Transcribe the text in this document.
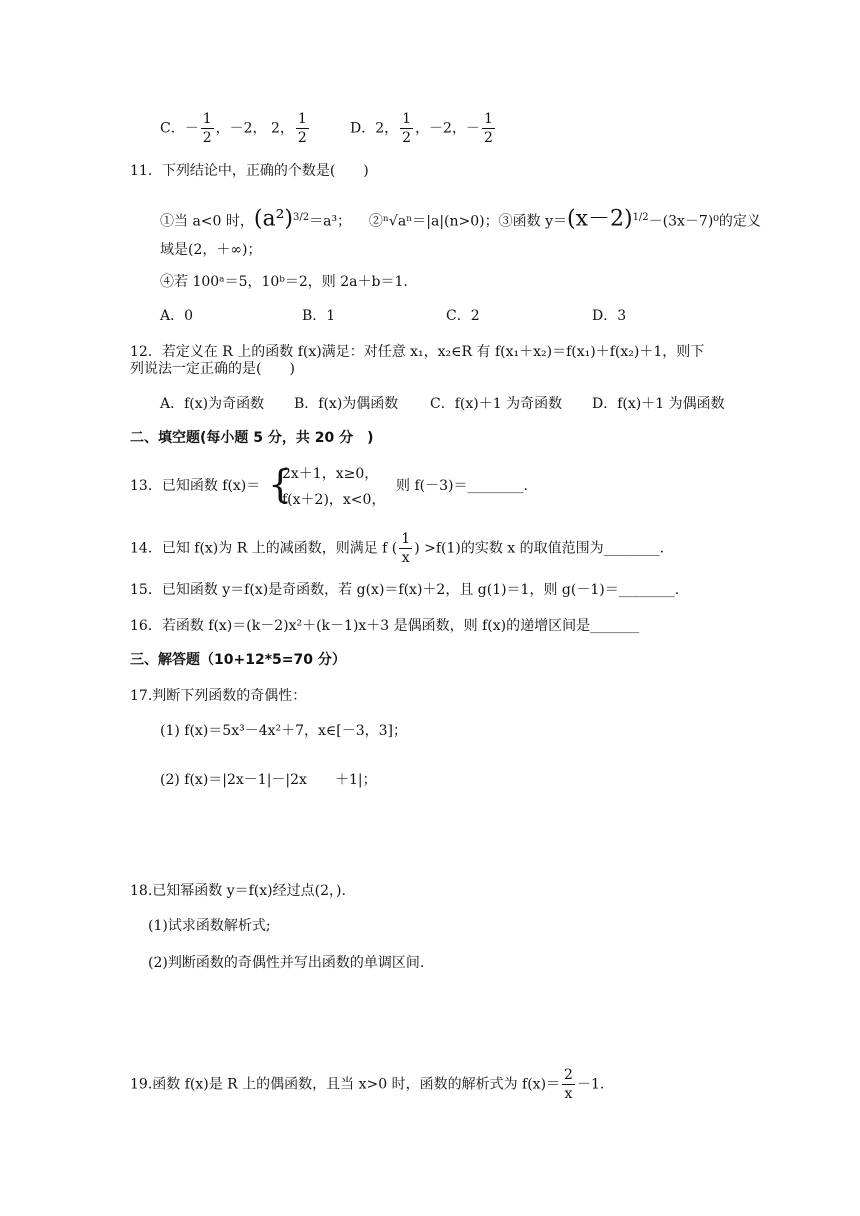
C．－ $\frac{1}{2}$ ，－2， 2， $\frac{1}{2}$	D．2， $\frac{1}{2}$ ，－2，－ $\frac{1}{2}$
11．下列结论中，正确的个数是(　　)
①当 a<0 时，$(a^2)^{3/2}=a^3$； ②ⁿ√aⁿ＝|a|(n>0)；③函数 $y=(x-2)^{1/2}-(3x-7)^0$的定义
域是(2，＋∞)；
④若 100ᵃ＝5，10ᵇ＝2，则 2a＋b＝1.
A．0	B．1	C．2	D．3
12．若定义在 R 上的函数 f(x)满足：对任意 x₁，x₂∈R 有 f(x₁＋x₂)＝f(x₁)＋f(x₂)＋1，则下
列说法一定正确的是(　　)
A．f(x)为奇函数 B．f(x)为偶函数 C．f(x)＋1 为奇函数 D．f(x)＋1 为偶函数
二、填空题(每小题 5 分，共 20 分　)
13．已知函数 f(x)＝ {
2x＋1，x≥0，
f(x＋2)，x<0，
则 f(－3)＝________.
14．已知 f(x)为 R 上的减函数，则满足 f ( $\frac{1}{x}$ ) >f(1)的实数 x 的取值范围为________.
15．已知函数 y＝f(x)是奇函数，若 g(x)＝f(x)＋2，且 g(1)＝1，则 g(－1)＝________.
16．若函数 f(x)＝(k－2)x²＋(k－1)x＋3 是偶函数，则 f(x)的递增区间是_______
三、解答题（10+12*5=70 分）
17.判断下列函数的奇偶性：
(1) f(x)＝5x³－4x²＋7，x∈[－3，3]；
(2) f(x)＝|2x－1|－|2x　　＋1|；
18.已知幂函数 y＝f(x)经过点(2，).
(1)试求函数解析式;
(2)判断函数的奇偶性并写出函数的单调区间.
19.函数 f(x)是 R 上的偶函数，且当 x>0 时，函数的解析式为 $f(x)= \frac{2}{x} -1$.
